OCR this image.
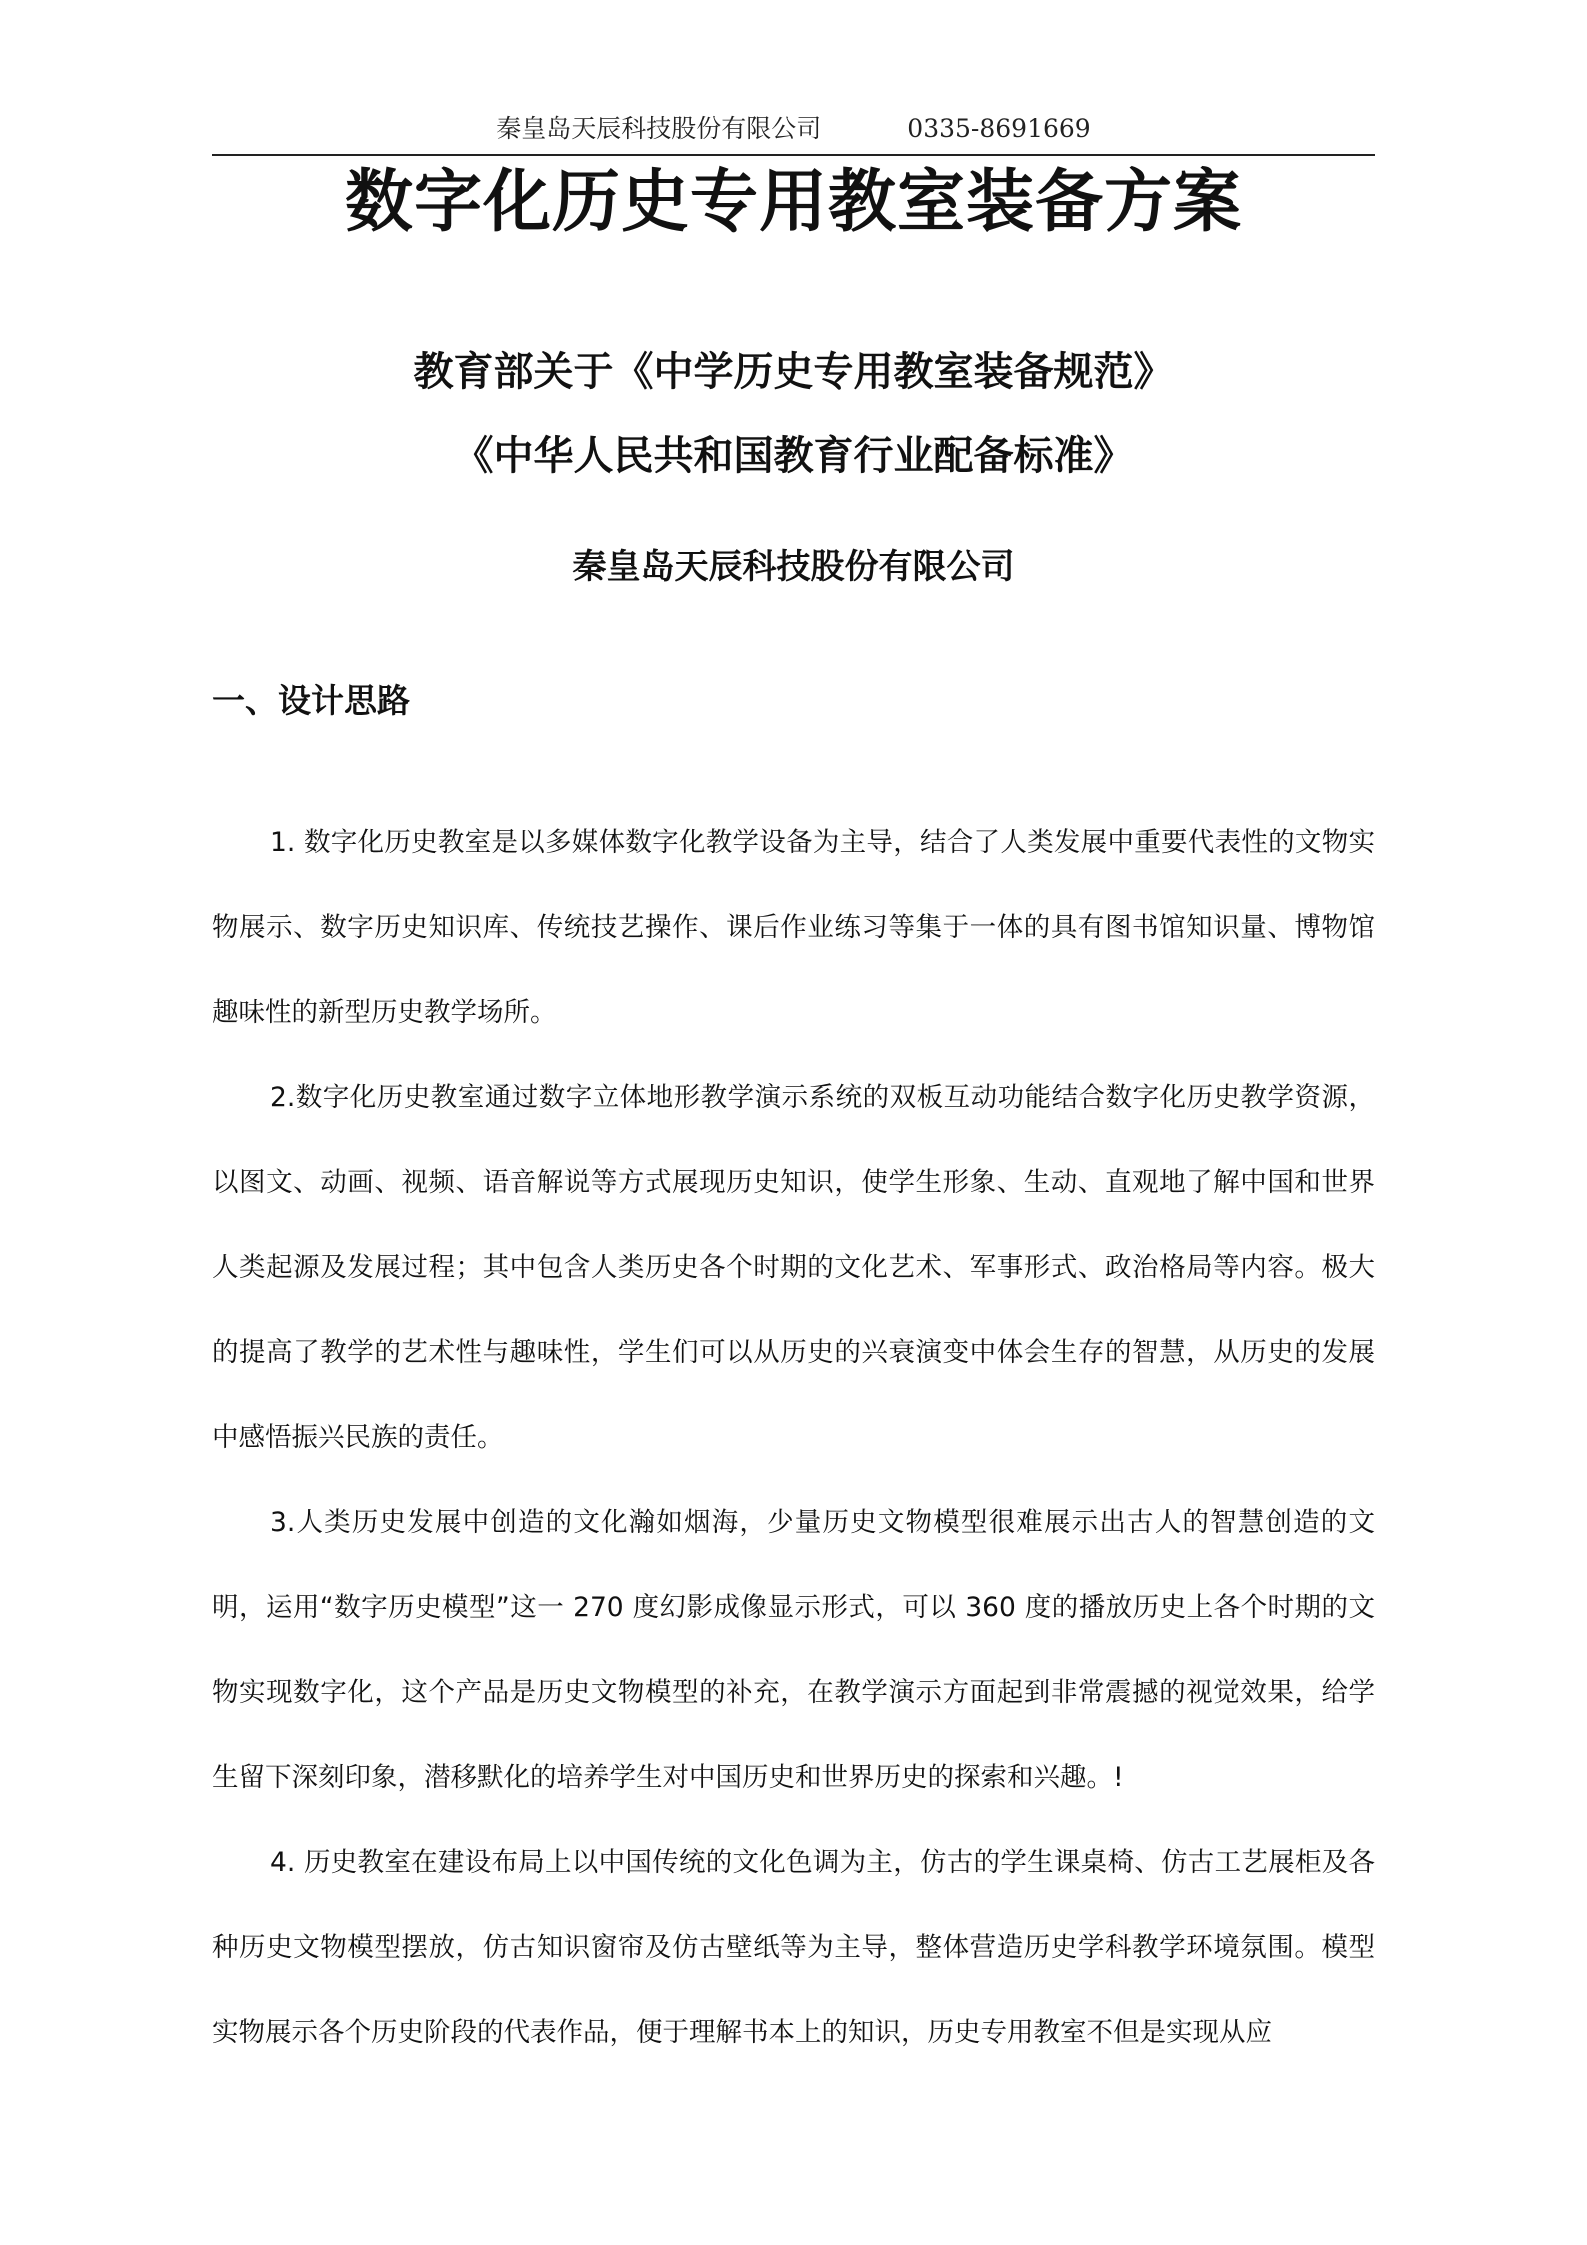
秦皇岛天辰科技股份有限公司	0335-8691669
数字化历史专用教室装备方案
教育部关于《中学历史专用教室装备规范》
《中华人民共和国教育行业配备标准》
秦皇岛天辰科技股份有限公司
一、设计思路

1. 数字化历史教室是以多媒体数字化教学设备为主导，结合了人类发展中重要代表性的文物实物展示、数字历史知识库、传统技艺操作、课后作业练习等集于一体的具有图书馆知识量、博物馆趣味性的新型历史教学场所。

2.数字化历史教室通过数字立体地形教学演示系统的双板互动功能结合数字化历史教学资源，以图文、动画、视频、语音解说等方式展现历史知识，使学生形象、生动、直观地了解中国和世界人类起源及发展过程；其中包含人类历史各个时期的文化艺术、军事形式、政治格局等内容。极大的提高了教学的艺术性与趣味性，学生们可以从历史的兴衰演变中体会生存的智慧，从历史的发展中感悟振兴民族的责任。

3.人类历史发展中创造的文化瀚如烟海，少量历史文物模型很难展示出古人的智慧创造的文明，运用“数字历史模型”这一 270 度幻影成像显示形式，可以 360 度的播放历史上各个时期的文物实现数字化，这个产品是历史文物模型的补充，在教学演示方面起到非常震撼的视觉效果，给学生留下深刻印象，潜移默化的培养学生对中国历史和世界历史的探索和兴趣。!

4. 历史教室在建设布局上以中国传统的文化色调为主，仿古的学生课桌椅、仿古工艺展柜及各种历史文物模型摆放，仿古知识窗帘及仿古壁纸等为主导，整体营造历史学科教学环境氛围。模型实物展示各个历史阶段的代表作品，便于理解书本上的知识，历史专用教室不但是实现从应
